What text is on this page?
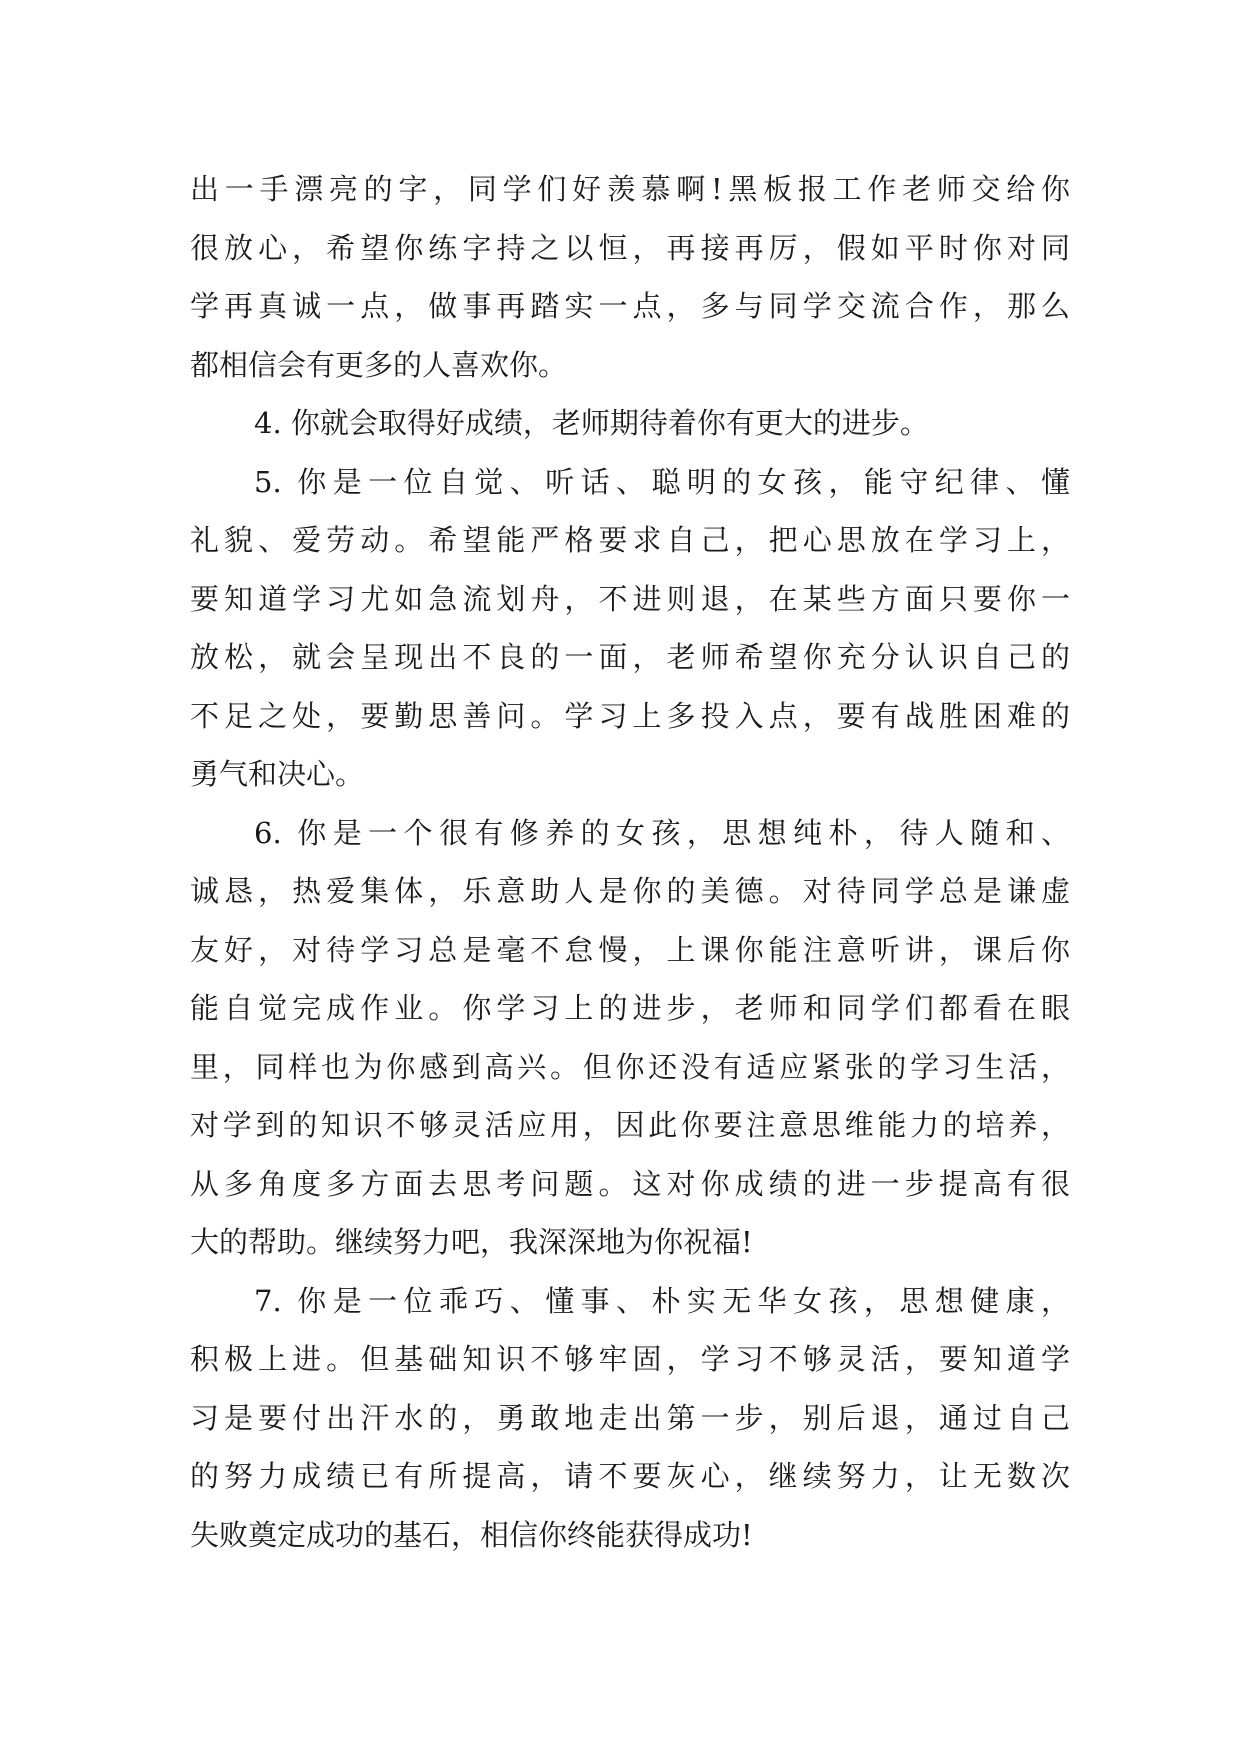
出一手漂亮的字，同学们好羡慕啊!黑板报工作老师交给你
很放心，希望你练字持之以恒，再接再厉，假如平时你对同
学再真诚一点，做事再踏实一点，多与同学交流合作，那么
都相信会有更多的人喜欢你。
4. 你就会取得好成绩，老师期待着你有更大的进步。
5. 你是一位自觉、听话、聪明的女孩，能守纪律、懂
礼貌、爱劳动。希望能严格要求自己，把心思放在学习上，
要知道学习尤如急流划舟，不进则退，在某些方面只要你一
放松，就会呈现出不良的一面，老师希望你充分认识自己的
不足之处，要勤思善问。学习上多投入点，要有战胜困难的
勇气和决心。
6. 你是一个很有修养的女孩，思想纯朴，待人随和、
诚恳，热爱集体，乐意助人是你的美德。对待同学总是谦虚
友好，对待学习总是毫不怠慢，上课你能注意听讲，课后你
能自觉完成作业。你学习上的进步，老师和同学们都看在眼
里，同样也为你感到高兴。但你还没有适应紧张的学习生活，
对学到的知识不够灵活应用，因此你要注意思维能力的培养，
从多角度多方面去思考问题。这对你成绩的进一步提高有很
大的帮助。继续努力吧，我深深地为你祝福!
7. 你是一位乖巧、懂事、朴实无华女孩，思想健康，
积极上进。但基础知识不够牢固，学习不够灵活，要知道学
习是要付出汗水的，勇敢地走出第一步，别后退，通过自己
的努力成绩已有所提高，请不要灰心，继续努力，让无数次
失败奠定成功的基石，相信你终能获得成功!
